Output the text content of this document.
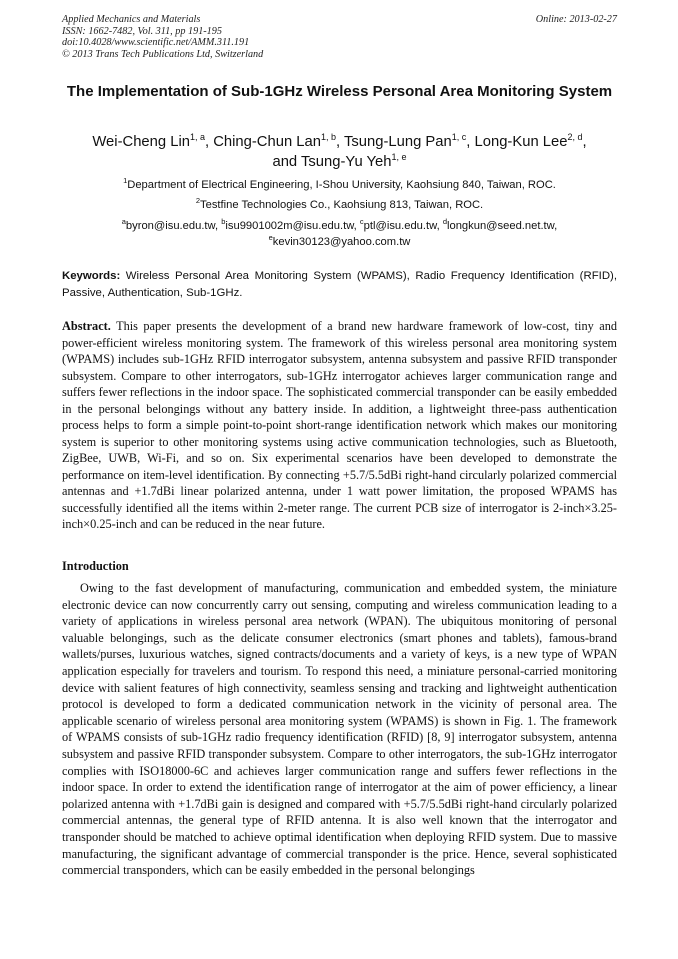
Applied Mechanics and Materials
ISSN: 1662-7482, Vol. 311, pp 191-195
doi:10.4028/www.scientific.net/AMM.311.191
© 2013 Trans Tech Publications Ltd, Switzerland
Online: 2013-02-27
The Implementation of Sub-1GHz Wireless Personal Area Monitoring System
Wei-Cheng Lin$^{1, a}$, Ching-Chun Lan$^{1, b}$, Tsung-Lung Pan$^{1, c}$, Long-Kun Lee$^{2, d}$,
and Tsung-Yu Yeh$^{1, e}$
$^1$Department of Electrical Engineering, I-Shou University, Kaohsiung 840, Taiwan, ROC.
$^2$Testfine Technologies Co., Kaohsiung 813, Taiwan, ROC.
$^a$byron@isu.edu.tw, $^b$isu9901002m@isu.edu.tw, $^c$ptl@isu.edu.tw, $^d$longkun@seed.net.tw,
$^e$kevin30123@yahoo.com.tw
Keywords: Wireless Personal Area Monitoring System (WPAMS), Radio Frequency Identification (RFID), Passive, Authentication, Sub-1GHz.
Abstract. This paper presents the development of a brand new hardware framework of low-cost, tiny and power-efficient wireless monitoring system. The framework of this wireless personal area monitoring system (WPAMS) includes sub-1GHz RFID interrogator subsystem, antenna subsystem and passive RFID transponder subsystem. Compare to other interrogators, sub-1GHz interrogator achieves larger communication range and suffers fewer reflections in the indoor space. The sophisticated commercial transponder can be easily embedded in the personal belongings without any battery inside. In addition, a lightweight three-pass authentication process helps to form a simple point-to-point short-range identification network which makes our monitoring system is superior to other monitoring systems using active communication technologies, such as Bluetooth, ZigBee, UWB, Wi-Fi, and so on. Six experimental scenarios have been developed to demonstrate the performance on item-level identification. By connecting +5.7/5.5dBi right-hand circularly polarized commercial antennas and +1.7dBi linear polarized antenna, under 1 watt power limitation, the proposed WPAMS has successfully identified all the items within 2-meter range. The current PCB size of interrogator is 2-inch×3.25-inch×0.25-inch and can be reduced in the near future.
Introduction

Owing to the fast development of manufacturing, communication and embedded system, the miniature electronic device can now concurrently carry out sensing, computing and wireless communication leading to a variety of applications in wireless personal area network (WPAN). The ubiquitous monitoring of personal valuable belongings, such as the delicate consumer electronics (smart phones and tablets), famous-brand wallets/purses, luxurious watches, signed contracts/documents and a variety of keys, is a new type of WPAN application especially for travelers and tourism. To respond this need, a miniature personal-carried monitoring device with salient features of high connectivity, seamless sensing and tracking and lightweight authentication protocol is developed to form a dedicated communication network in the vicinity of personal area. The applicable scenario of wireless personal area monitoring system (WPAMS) is shown in Fig. 1. The framework of WPAMS consists of sub-1GHz radio frequency identification (RFID) [8, 9] interrogator subsystem, antenna subsystem and passive RFID transponder subsystem. Compare to other interrogators, the sub-1GHz interrogator complies with ISO18000-6C and achieves larger communication range and suffers fewer reflections in the indoor space. In order to extend the identification range of interrogator at the aim of power efficiency, a linear polarized antenna with +1.7dBi gain is designed and compared with +5.7/5.5dBi right-hand circularly polarized commercial antennas, the general type of RFID antenna. It is also well known that the interrogator and transponder should be matched to achieve optimal identification when deploying RFID system. Due to massive manufacturing, the significant advantage of commercial transponder is the price. Hence, several sophisticated commercial transponders, which can be easily embedded in the personal belongings
